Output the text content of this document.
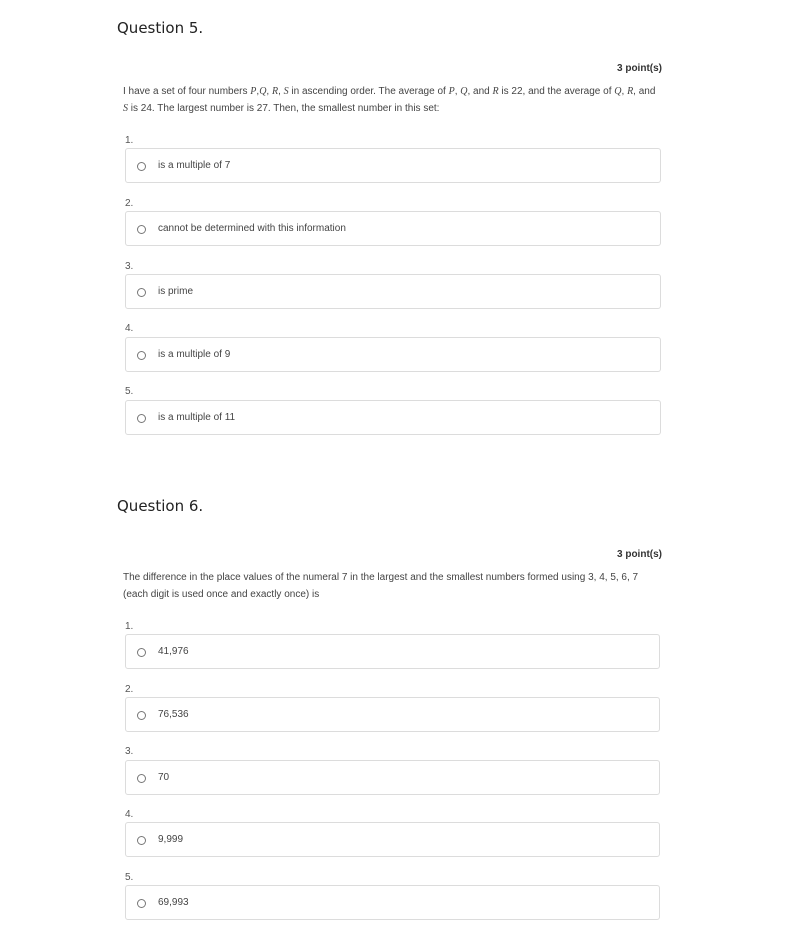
Question 5.
3 point(s)
I have a set of four numbers P,Q, R, S in ascending order. The average of P, Q, and R is 22, and the average of Q, R, and S is 24. The largest number is 27. Then, the smallest number in this set:
1.
is a multiple of 7
2.
cannot be determined with this information
3.
is prime
4.
is a multiple of 9
5.
is a multiple of 11
Question 6.
3 point(s)
The difference in the place values of the numeral 7 in the largest and the smallest numbers formed using 3, 4, 5, 6, 7 (each digit is used once and exactly once) is
1.
41,976
2.
76,536
3.
70
4.
9,999
5.
69,993
